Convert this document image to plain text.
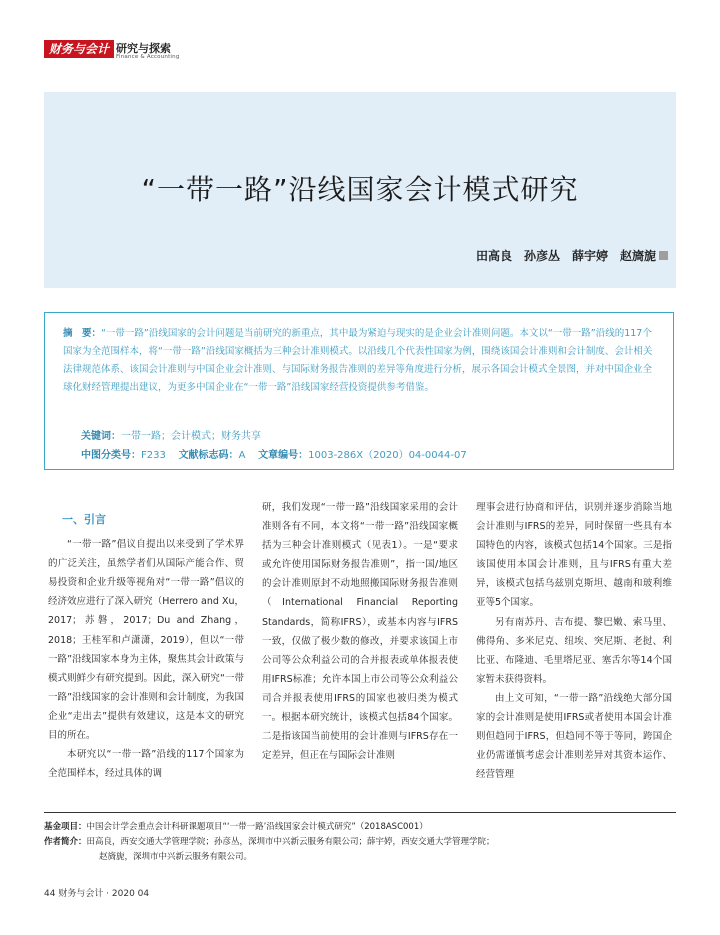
财务与会计 研究与探索
Finance & Accounting
“一带一路”沿线国家会计模式研究
田高良 孙彦丛 薛宇婷 赵旖旎
摘　要：“一带一路”沿线国家的会计问题是当前研究的新重点，其中最为紧迫与现实的是企业会计准则问题。本文以“一带一路”沿线的117个国家为全范围样本，将“一带一路”沿线国家概括为三种会计准则模式。以沿线几个代表性国家为例，围绕该国会计准则和会计制度、会计相关法律规范体系、该国会计准则与中国企业会计准则、与国际财务报告准则的差异等角度进行分析，展示各国会计模式全景图，并对中国企业全球化财经管理提出建议，为更多中国企业在“一带一路”沿线国家经营投资提供参考借鉴。
关键词：一带一路；会计模式；财务共享
中图分类号：F233 文献标志码：A 文章编号：1003-286X（2020）04-0044-07
一、引言

“一带一路”倡议自提出以来受到了学术界的广泛关注，虽然学者们从国际产能合作、贸易投资和企业升级等视角对“一带一路”倡议的经济效应进行了深入研究（Herrero and Xu，2017；苏磐，2017；Du and Zhang，2018；王桂军和卢潇潇，2019），但以“一带一路”沿线国家本身为主体，聚焦其会计政策与模式则鲜少有研究提到。因此，深入研究“一带一路”沿线国家的会计准则和会计制度，为我国企业“走出去”提供有效建议，这是本文的研究目的所在。

本研究以“一带一路”沿线的117个国家为全范围样本，经过具体的调

研，我们发现“一带一路”沿线国家采用的会计准则各有不同，本文将“一带一路”沿线国家概括为三种会计准则模式（见表1）。一是“要求或允许使用国际财务报告准则”，指一国/地区的会计准则原封不动地照搬国际财务报告准则（International Financial Reporting Standards，简称IFRS），或基本内容与IFRS一致，仅做了极少数的修改，并要求该国上市公司等公众利益公司的合并报表或单体报表使用IFRS标准；允许本国上市公司等公众利益公司合并报表使用IFRS的国家也被归类为模式一。根据本研究统计，该模式包括84个国家。二是指该国当前使用的会计准则与IFRS存在一定差异，但正在与国际会计准则

理事会进行协商和评估，识别并逐步消除当地会计准则与IFRS的差异，同时保留一些具有本国特色的内容，该模式包括14个国家。三是指该国使用本国会计准则，且与IFRS有重大差异，该模式包括乌兹别克斯坦、越南和玻利维亚等5个国家。

另有南苏丹、吉布提、黎巴嫩、索马里、佛得角、多米尼克、纽埃、突尼斯、老挝、利比亚、布隆迪、毛里塔尼亚、塞舌尔等14个国家暂未获得资料。

由上文可知，“一带一路”沿线绝大部分国家的会计准则是使用IFRS或者使用本国会计准则但趋同于IFRS，但趋同不等于等同，跨国企业仍需谨慎考虑会计准则差异对其资本运作、经营管理

基金项目：中国会计学会重点会计科研课题项目“‘一带一路’沿线国家会计模式研究”（2018ASC001）
作者简介：田高良，西安交通大学管理学院；孙彦丛，深圳市中兴新云服务有限公司；薛宇婷，西安交通大学管理学院；
赵旖旎，深圳市中兴新云服务有限公司。
44 财务与会计 · 2020 04
